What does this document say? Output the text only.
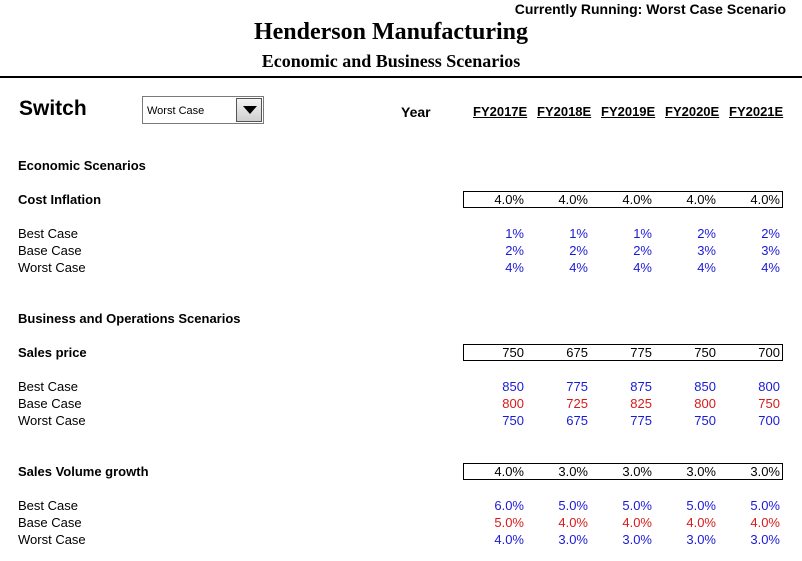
Currently Running: Worst Case Scenario
Henderson Manufacturing
Economic and Business Scenarios
Switch	Worst Case	Year	FY2017E FY2018E FY2019E FY2020E FY2021E
Economic Scenarios
Cost Inflation	4.0%	4.0%	4.0%	4.0%	4.0%
Best Case	1%	1%	1%	2%	2%
Base Case	2%	2%	2%	3%	3%
Worst Case	4%	4%	4%	4%	4%
Business and Operations Scenarios
Sales price	750	675	775	750	700
Best Case	850	775	875	850	800
Base Case	800	725	825	800	750
Worst Case	750	675	775	750	700
Sales Volume growth	4.0%	3.0%	3.0%	3.0%	3.0%
Best Case	6.0%	5.0%	5.0%	5.0%	5.0%
Base Case	5.0%	4.0%	4.0%	4.0%	4.0%
Worst Case	4.0%	3.0%	3.0%	3.0%	3.0%
